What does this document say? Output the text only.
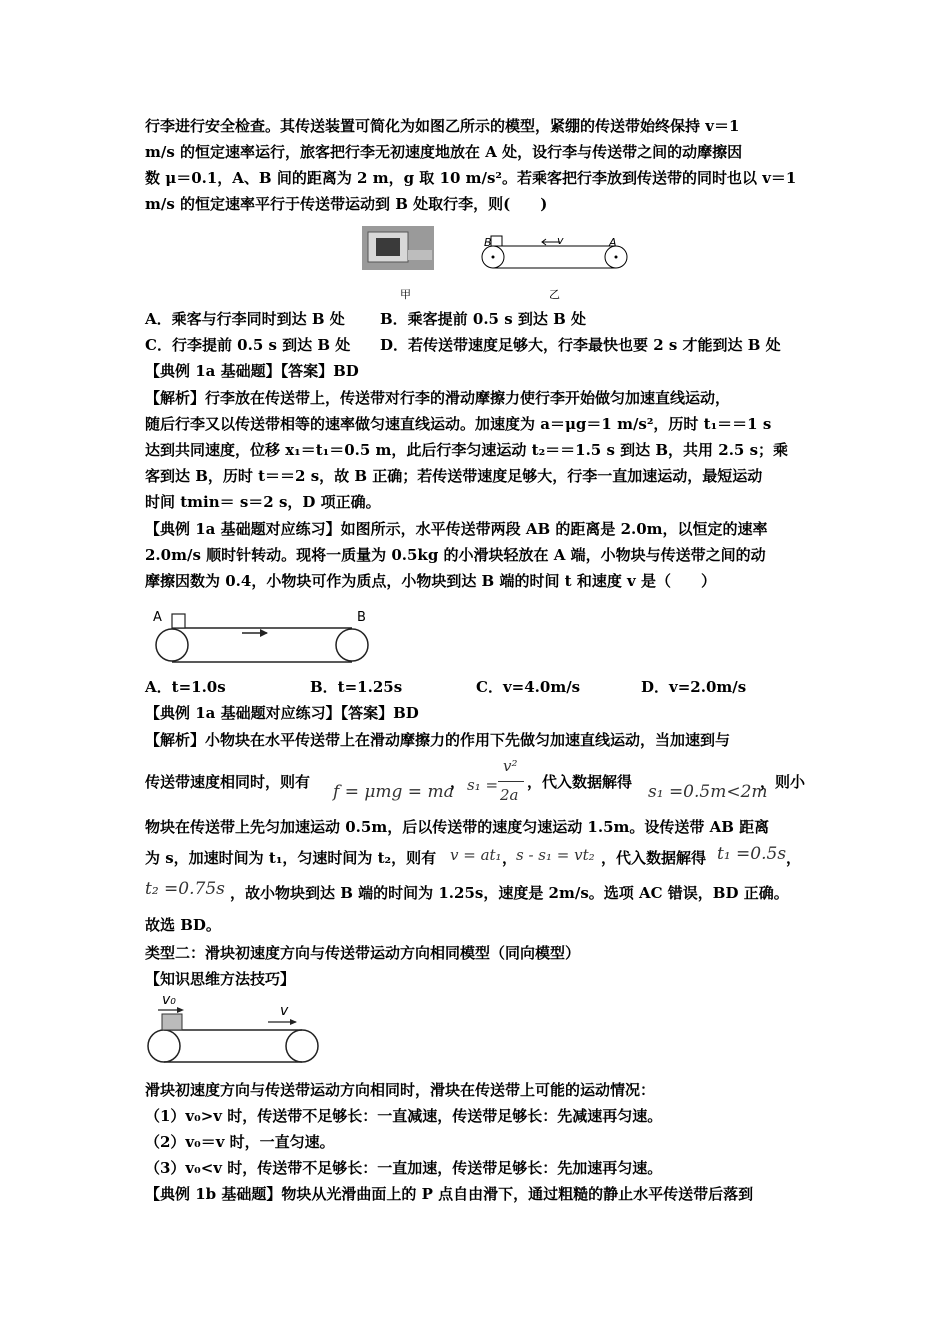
行李进行安全检查。其传送装置可简化为如图乙所示的模型，紧绷的传送带始终保持 v＝1
m/s 的恒定速率运行，旅客把行李无初速度地放在 A 处，设行李与传送带之间的动摩擦因
数 μ＝0.1，A、B 间的距离为 2 m，g 取 10 m/s²。若乘客把行李放到传送带的同时也以 v＝1
m/s 的恒定速率平行于传送带运动到 B 处取行李，则(　　)
甲
B	A
v
乙
A．乘客与行李同时到达 B 处 B．乘客提前 0.5 s 到达 B 处
C．行李提前 0.5 s 到达 B 处 D．若传送带速度足够大，行李最快也要 2 s 才能到达 B 处
【典例 1a 基础题】【答案】BD
【解析】行李放在传送带上，传送带对行李的滑动摩擦力使行李开始做匀加速直线运动，
随后行李又以传送带相等的速率做匀速直线运动。加速度为 a＝μg＝1 m/s²，历时 t₁＝＝1 s
达到共同速度，位移 x₁＝t₁＝0.5 m，此后行李匀速运动 t₂＝＝1.5 s 到达 B，共用 2.5 s；乘
客到达 B，历时 t＝＝2 s，故 B 正确；若传送带速度足够大，行李一直加速运动，最短运动
时间 tmin＝ s＝2 s，D 项正确。
【典例 1a 基础题对应练习】如图所示，水平传送带两段 AB 的距离是 2.0m，以恒定的速率
2.0m/s 顺时针转动。现将一质量为 0.5kg 的小滑块轻放在 A 端，小物块与传送带之间的动
摩擦因数为 0.4，小物块可作为质点，小物块到达 B 端的时间 t 和速度 v 是（　　）
A	B
A．t=1.0s	B．t=1.25s	C．v=4.0m/s	D．v=2.0m/s
【典例 1a 基础题对应练习】【答案】BD
【解析】小物块在水平传送带上在滑动摩擦力的作用下先做匀加速直线运动，当加速到与
传送带速度相同时，则有 f = μmg = ma
， s₁ =
v²
2a
，代入数据解得 s₁ =0.5m<2m
，则小
物块在传送带上先匀加速运动 0.5m，后以传送带的速度匀速运动 1.5m。设传送带 AB 距离
为 s，加速时间为 t₁，匀速时间为 t₂，则有 v = at₁ ，
s - s₁ = vt₂ ，代入数据解得 t₁ =0.5s ，
t₂ =0.75s ，故小物块到达 B 端的时间为 1.25s，速度是 2m/s。选项 AC 错误，BD 正确。
故选 BD。
类型二：滑块初速度方向与传送带运动方向相同模型（同向模型）
【知识思维方法技巧】
v₀
v
滑块初速度方向与传送带运动方向相同时，滑块在传送带上可能的运动情况：
（1）v₀>v 时，传送带不足够长：一直减速，传送带足够长：先减速再匀速。
（2）v₀＝v 时，一直匀速。
（3）v₀<v 时，传送带不足够长：一直加速，传送带足够长：先加速再匀速。
【典例 1b 基础题】物块从光滑曲面上的 P 点自由滑下，通过粗糙的静止水平传送带后落到
